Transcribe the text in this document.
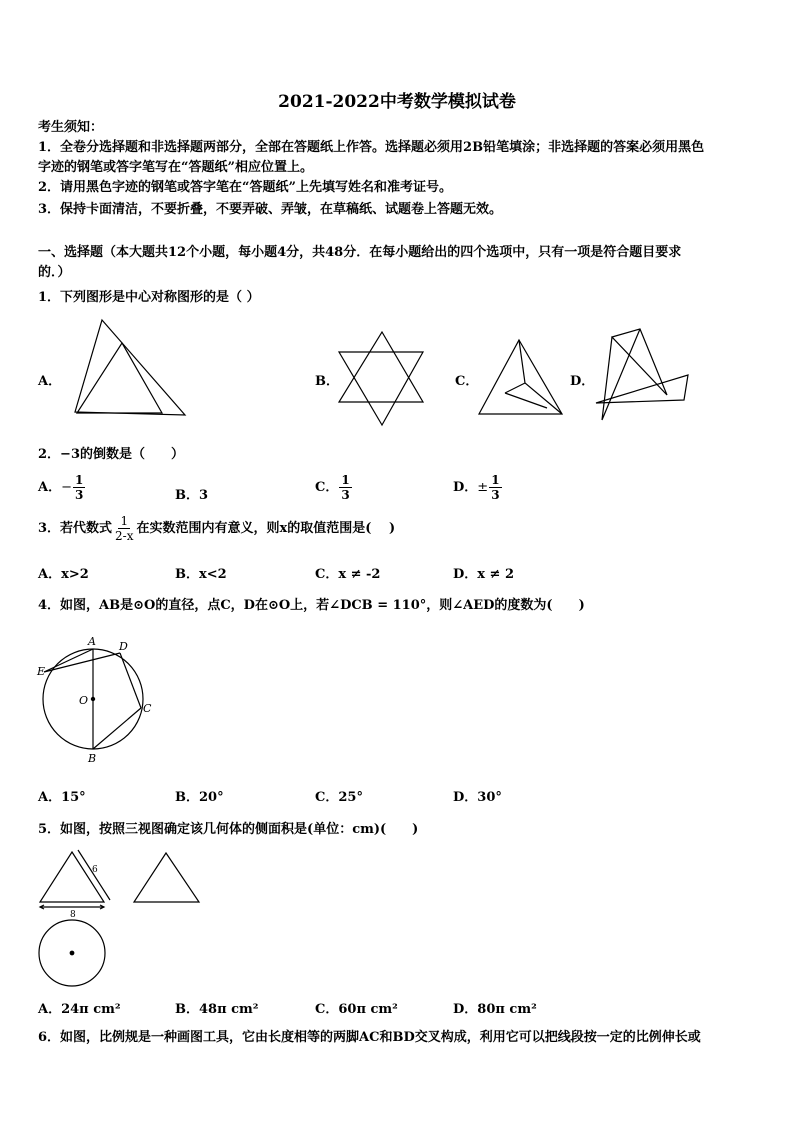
2021-2022中考数学模拟试卷
考生须知：
1．全卷分选择题和非选择题两部分，全部在答题纸上作答。选择题必须用2B铅笔填涂；非选择题的答案必须用黑色
字迹的钢笔或答字笔写在“答题纸”相应位置上。
2．请用黑色字迹的钢笔或答字笔在“答题纸”上先填写姓名和准考证号。
3．保持卡面清洁，不要折叠，不要弄破、弄皱，在草稿纸、试题卷上答题无效。
一、选择题（本大题共12个小题，每小题4分，共48分．在每小题给出的四个选项中，只有一项是符合题目要求
的．）
1．下列图形是中心对称图形的是（ ）
A．	B．	C．	D．
2．−3的倒数是（　　）
A．− $\frac{1}{3}$	B．3
C． $\frac{1}{3}$	D．± $\frac{1}{3}$
3．若代数式 $\frac{1}{2-x}$ 在实数范围内有意义，则x的取值范围是(　 )
A．x>2	B．x<2	C．x ≠ -2	D．x ≠ 2
4．如图，AB是⊙O的直径，点C，D在⊙O上，若∠DCB = 110°，则∠AED的度数为(　　)
A D
E
O
C
B
A．15°	B．20°	C．25°	D．30°
5．如图，按照三视图确定该几何体的侧面积是(单位：cm)(　　)
6
8
A．24π cm²	B．48π cm²	C．60π cm²	D．80π cm²
6．如图，比例规是一种画图工具，它由长度相等的两脚AC和BD交叉构成，利用它可以把线段按一定的比例伸长或
